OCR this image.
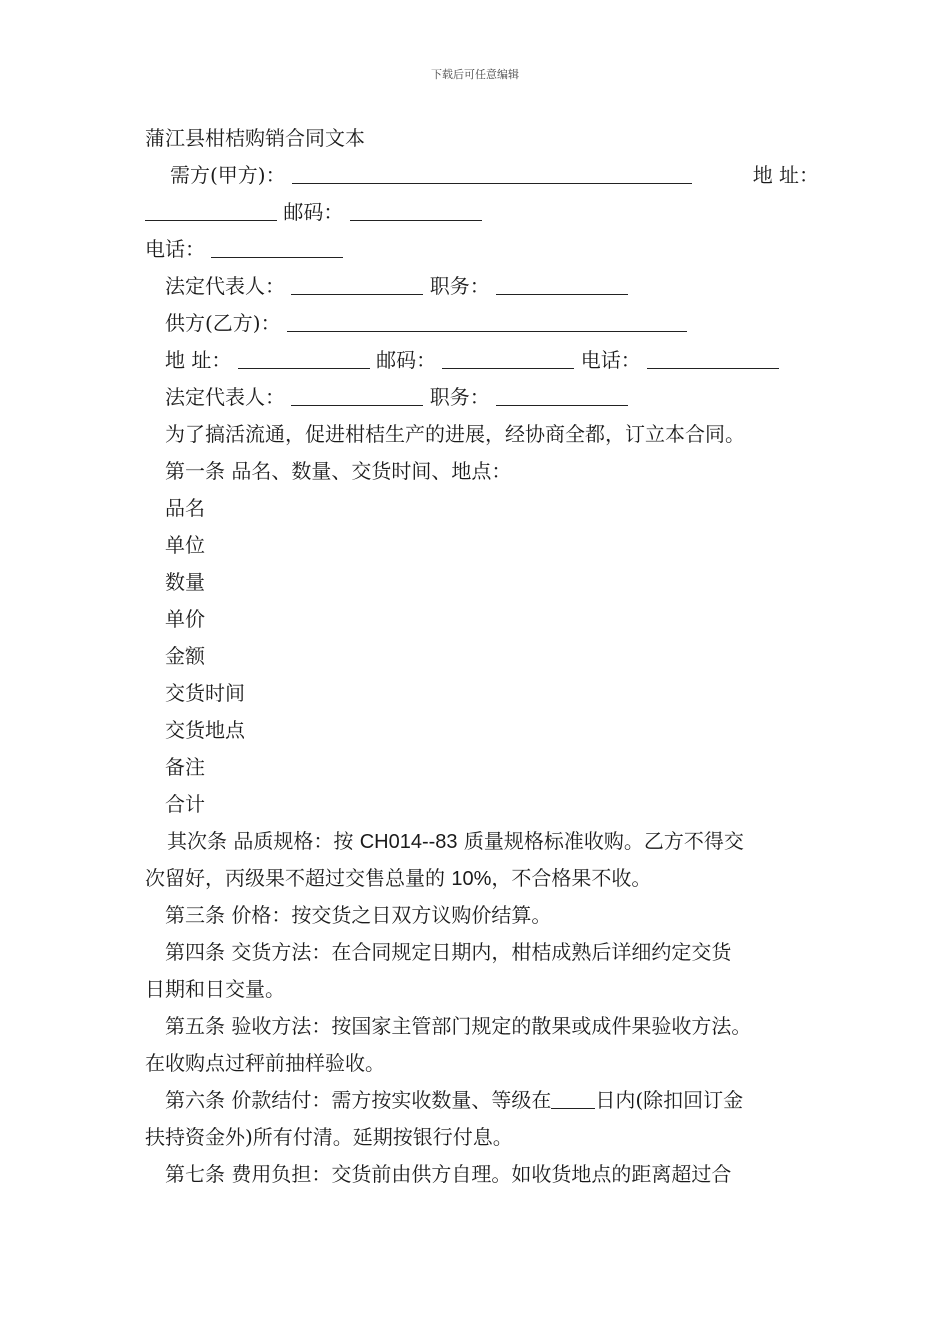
下载后可任意编辑
蒲江县柑桔购销合同文本
需方(甲方)：	地 址：
邮码：
电话：
法定代表人：	职务：
供方(乙方)：
地 址：	邮码：	电话：
法定代表人：	职务：
为了搞活流通，促进柑桔生产的进展，经协商全都，订立本合同。
第一条 品名、数量、交货时间、地点：
品名
单位
数量
单价
金额
交货时间
交货地点
备注
合计
其次条 品质规格：按 CH014--83 质量规格标准收购。乙方不得交
次留好，丙级果不超过交售总量的 10%，不合格果不收。
第三条 价格：按交货之日双方议购价结算。
第四条 交货方法：在合同规定日期内，柑桔成熟后详细约定交货
日期和日交量。
第五条 验收方法：按国家主管部门规定的散果或成件果验收方法。
在收购点过秤前抽样验收。
第六条 价款结付：需方按实收数量、等级在 日内(除扣回订金
扶持资金外)所有付清。延期按银行付息。
第七条 费用负担：交货前由供方自理。如收货地点的距离超过合
